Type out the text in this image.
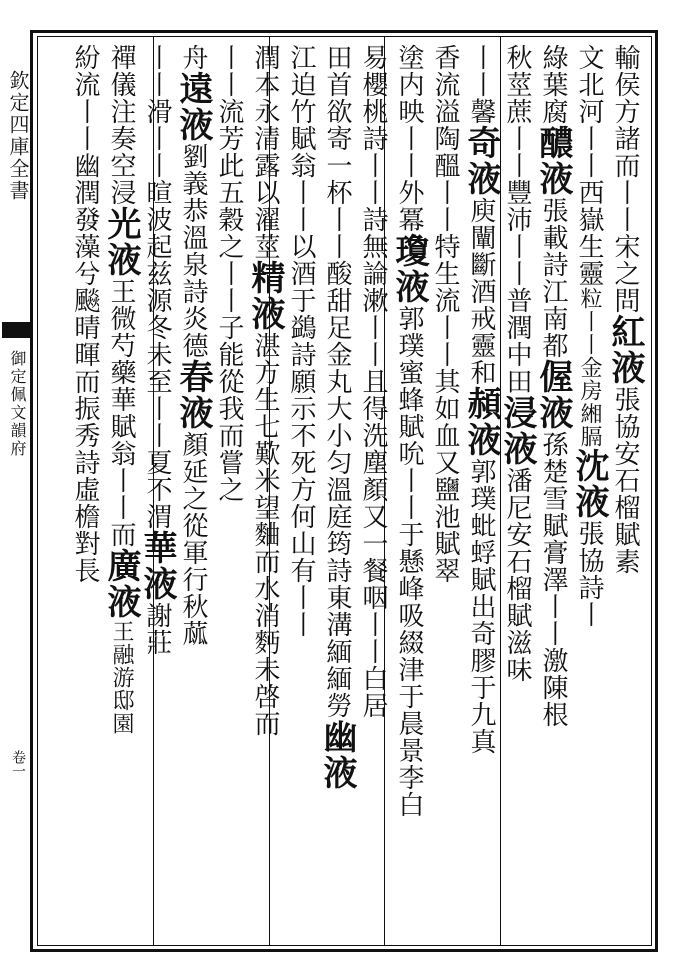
欽定四庫全書
御定佩文韻府
卷一
輸侯方諸而丨丨宋之問紅液張協安石榴賦素
文北河丨丨西嶽生靈粒丨丨金房緗膈沈液張協詩丨
綠葉腐醲液張載詩江南都偓液孫楚雪賦膏澤丨丨激陳根
秋莖蔗丨丨豐沛丨丨普潤中田浸液潘尼安石榴賦滋味
丨丨馨奇液庾闡斷酒戒靈和頳液郭璞蚍蜉賦出奇膠于九真
香流溢陶醞丨丨特生流丨丨其如血又鹽池賦翠
塗内映丨丨外冪瓊液郭璞蜜蜂賦吮丨丨于懸峰吸綴津于晨景李白
易櫻桃詩丨丨詩無論漱丨丨且得洗塵顏又一餐咽丨丨白居
田首欲寄一杯丨丨酸甜足金丸大小匀溫庭筠詩東溝緬緬勞幽液
江迫竹賦翁丨丨以酒于鷁詩願示不死方何山有丨丨
潤本永清露以濯莖精液湛方生七歎米望麯而水消麪未啓而
丨丨流芳此五穀之丨丨子能從我而嘗之
舟遠液劉義恭溫泉詩炎德春液顏延之從軍行秋蓏
丨丨滑丨丨暄波起兹源冬未至丨丨夏不渭華液謝莊
禪儀注奏空浸光液王微芍藥華賦翁丨丨而廣液王融游邸園
紛流丨丨幽潤發藻兮飈晴暉而振秀詩虛檐對長
